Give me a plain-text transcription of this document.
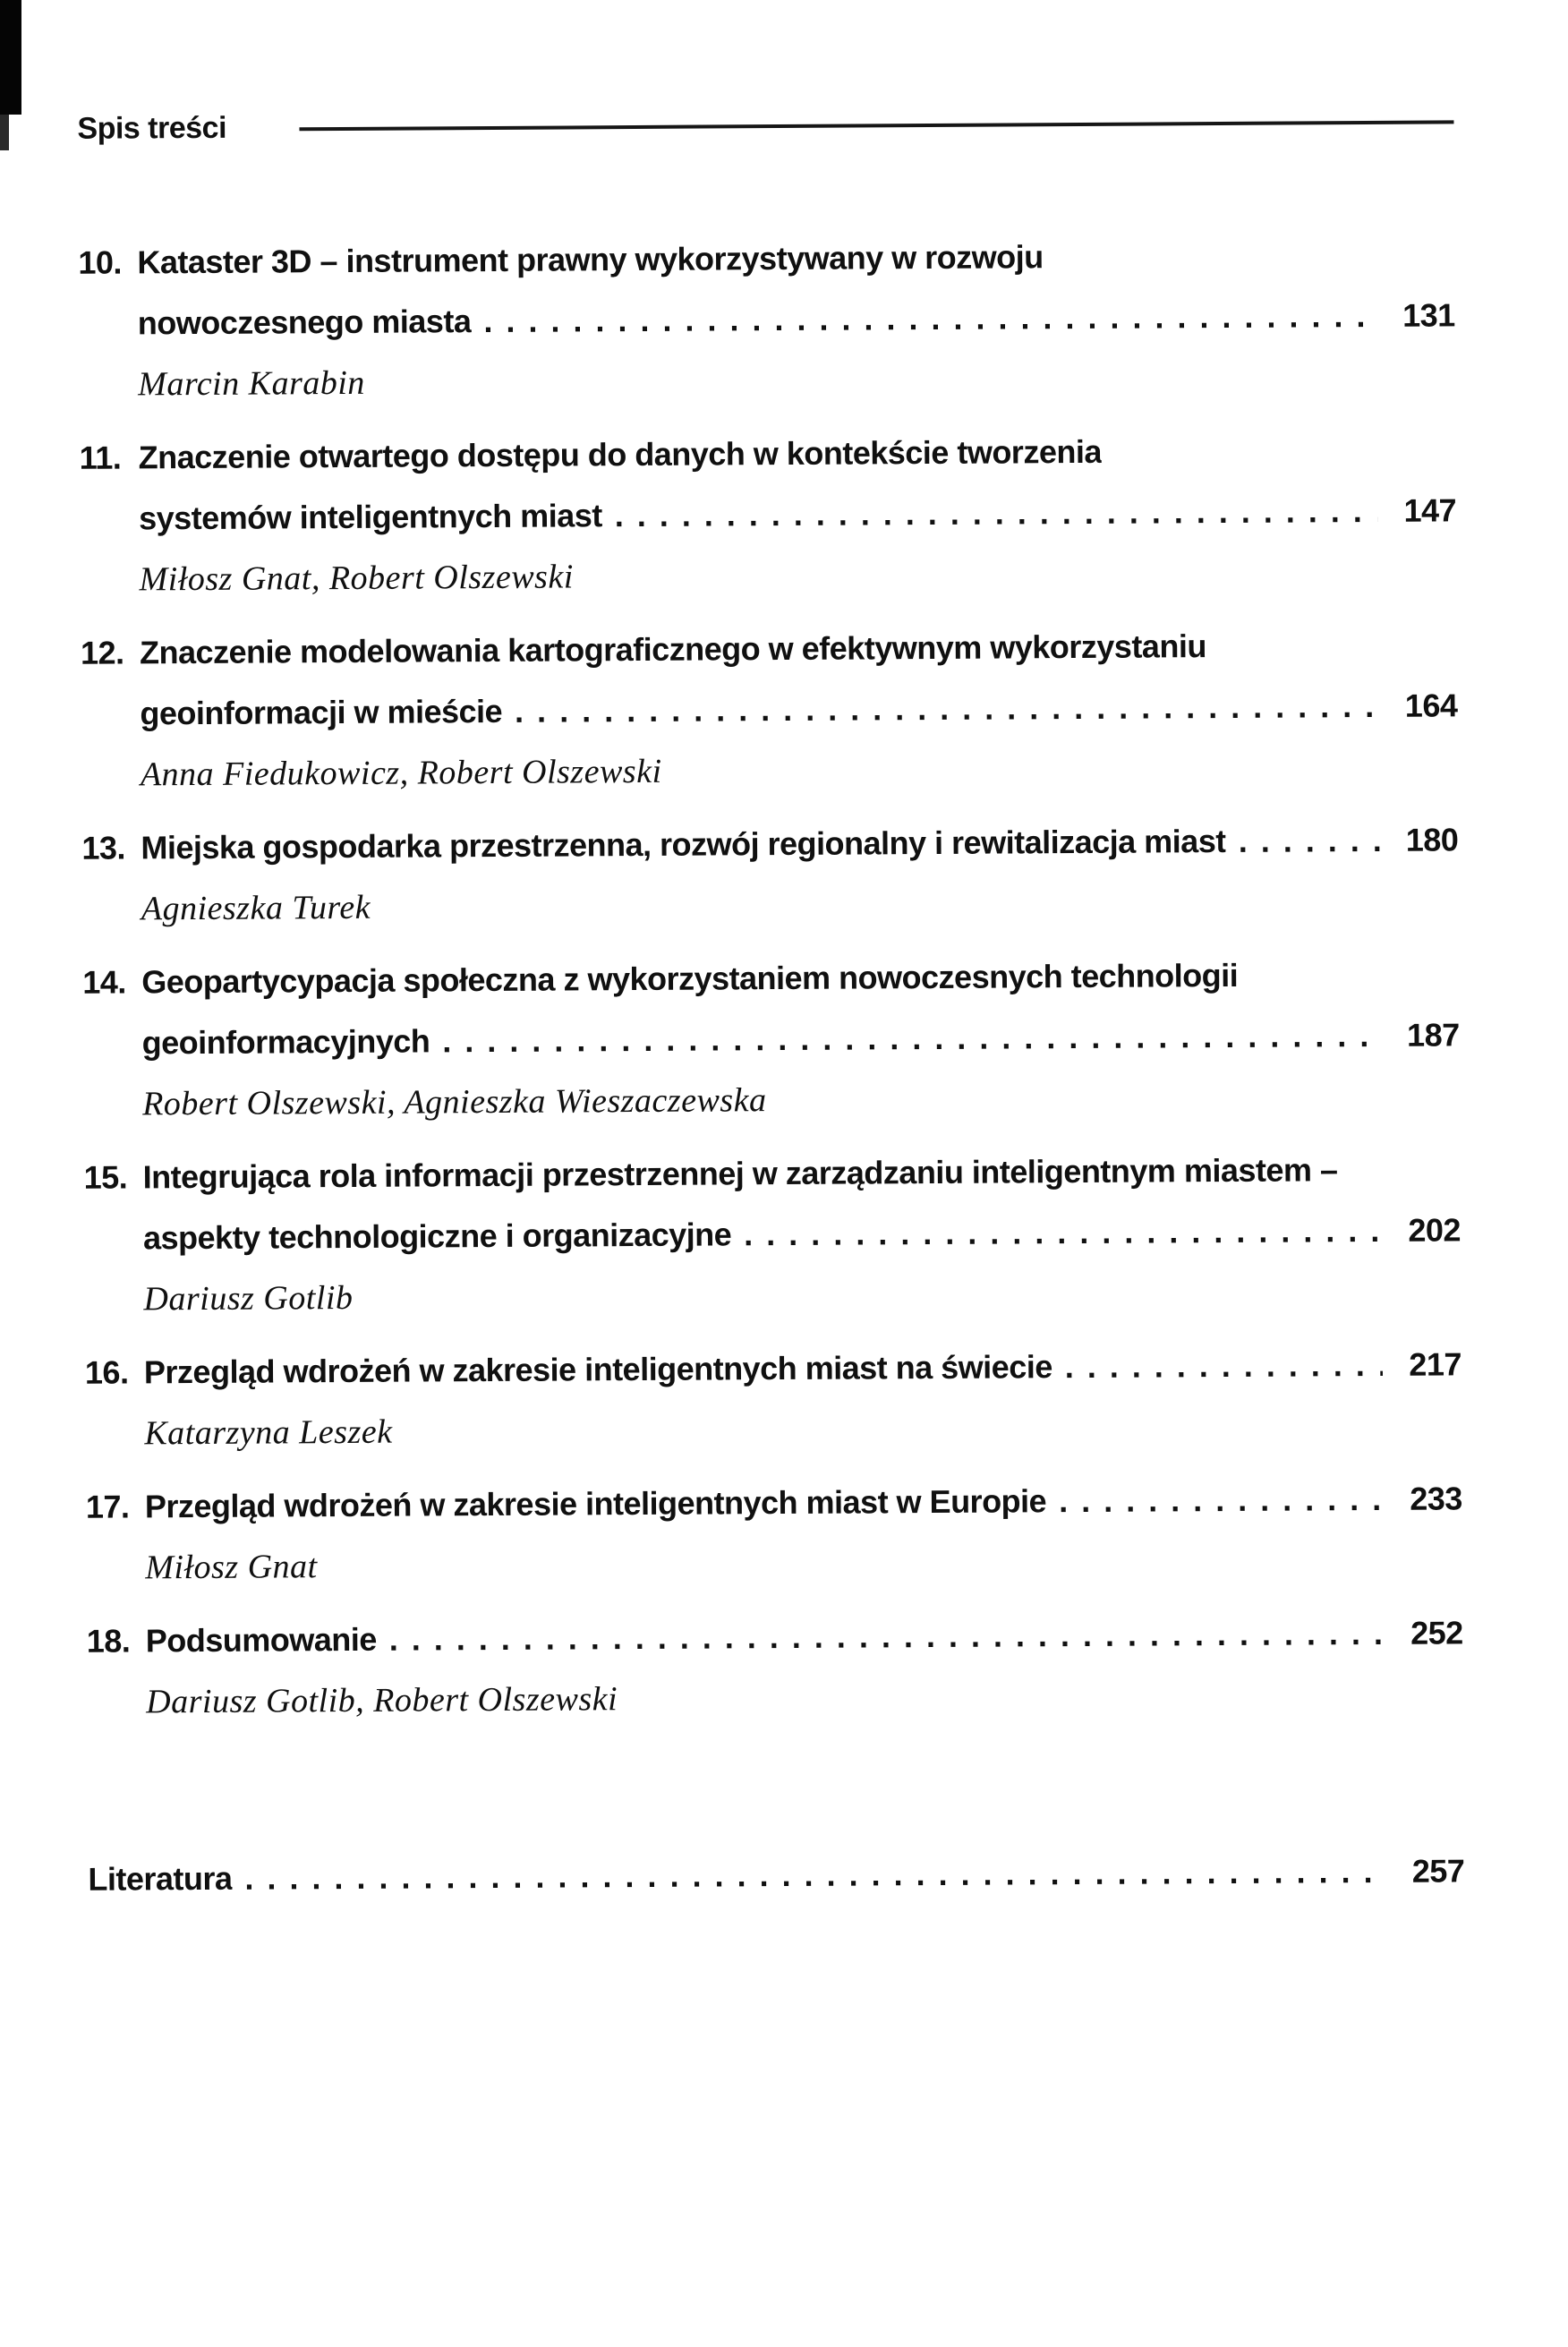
Spis treści
10. Kataster 3D – instrument prawny wykorzystywany w rozwoju
nowoczesnego miasta .....	131
Marcin Karabin
11. Znaczenie otwartego dostępu do danych w kontekście tworzenia
systemów inteligentnych miast .....	147
Miłosz Gnat, Robert Olszewski
12. Znaczenie modelowania kartograficznego w efektywnym wykorzystaniu
geoinformacji w mieście .....	164
Anna Fiedukowicz, Robert Olszewski
13. Miejska gospodarka przestrzenna, rozwój regionalny i rewitalizacja miast .....	180
Agnieszka Turek
14. Geopartycypacja społeczna z wykorzystaniem nowoczesnych technologii
geoinformacyjnych .....	187
Robert Olszewski, Agnieszka Wieszaczewska
15. Integrująca rola informacji przestrzennej w zarządzaniu inteligentnym miastem –
aspekty technologiczne i organizacyjne .....	202
Dariusz Gotlib
16. Przegląd wdrożeń w zakresie inteligentnych miast na świecie .....	217
Katarzyna Leszek
17. Przegląd wdrożeń w zakresie inteligentnych miast w Europie .....	233
Miłosz Gnat
18. Podsumowanie .....	252
Dariusz Gotlib, Robert Olszewski
Literatura .....	257
